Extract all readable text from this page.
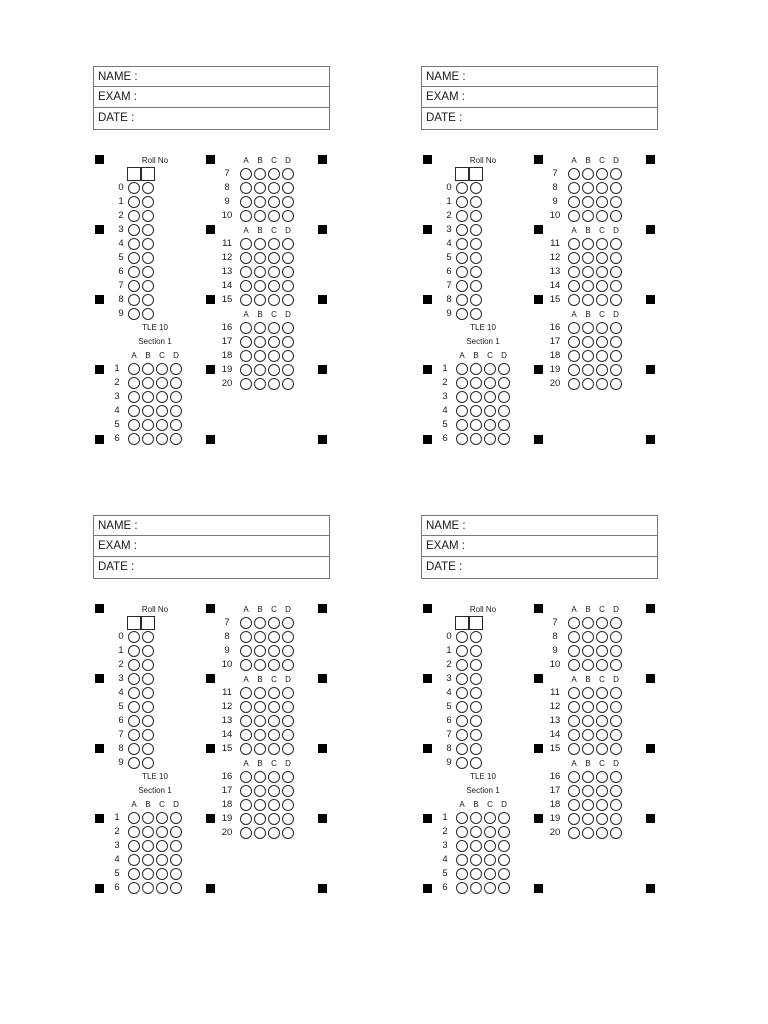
NAME :
EXAM :
DATE :
Roll No
0
1
2
3
4
5
6
7
8
9
TLE 10
Section 1
A B C D
1
2
3
4
5
6
A B C D
7
8
9
10
A B C D
11
12
13
14
15
A B C D
16
17
18
19
20
NAME :
EXAM :
DATE :
Roll No
0
1
2
3
4
5
6
7
8
9
TLE 10
Section 1
A B C D
1
2
3
4
5
6
A B C D
7
8
9
10
A B C D
11
12
13
14
15
A B C D
16
17
18
19
20
NAME :
EXAM :
DATE :
Roll No
0
1
2
3
4
5
6
7
8
9
TLE 10
Section 1
A B C D
1
2
3
4
5
6
A B C D
7
8
9
10
A B C D
11
12
13
14
15
A B C D
16
17
18
19
20
NAME :
EXAM :
DATE :
Roll No
0
1
2
3
4
5
6
7
8
9
TLE 10
Section 1
A B C D
1
2
3
4
5
6
A B C D
7
8
9
10
A B C D
11
12
13
14
15
A B C D
16
17
18
19
20
